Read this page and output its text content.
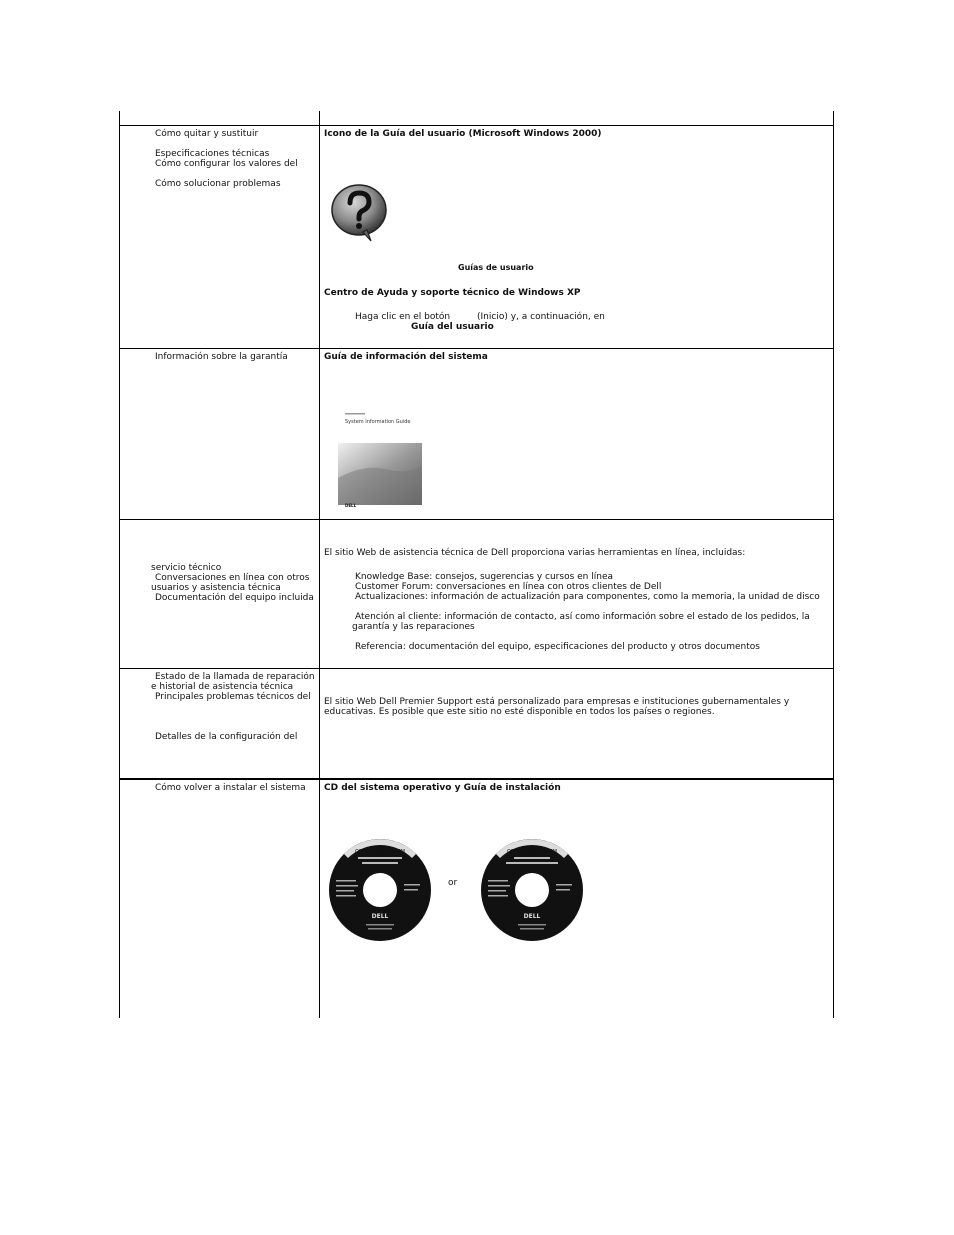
Cómo quitar y sustituir
Especificaciones técnicas
Cómo configurar los valores del
Cómo solucionar problemas
Icono de la Guía del usuario (Microsoft Windows 2000)
Guías de usuario
Centro de Ayuda y soporte técnico de Windows XP
Haga clic en el botón	(Inicio) y, a continuación, en
Guía del usuario
Información sobre la garantía	Guía de información del sistema
System Information Guide
DELL
servicio técnico
Conversaciones en línea con otros
usuarios y asistencia técnica
Documentación del equipo incluida
El sitio Web de asistencia técnica de Dell proporciona varias herramientas en línea, incluidas:
Knowledge Base: consejos, sugerencias y cursos en línea
Customer Forum: conversaciones en línea con otros clientes de Dell
Actualizaciones: información de actualización para componentes, como la memoria, la unidad de disco
Atención al cliente: información de contacto, así como información sobre el estado de los pedidos, la
garantía y las reparaciones
Referencia: documentación del equipo, especificaciones del producto y otros documentos
Estado de la llamada de reparación
e historial de asistencia técnica
Principales problemas técnicos del
Detalles de la configuración del
El sitio Web Dell Premier Support está personalizado para empresas e instituciones gubernamentales y
educativas. Es posible que este sitio no esté disponible en todos los países o regiones.
Cómo volver a instalar el sistema CD del sistema operativo y Guía de instalación
OPERATING SYSTEM
DELL
or
OPERATING SYSTEM
DELL
